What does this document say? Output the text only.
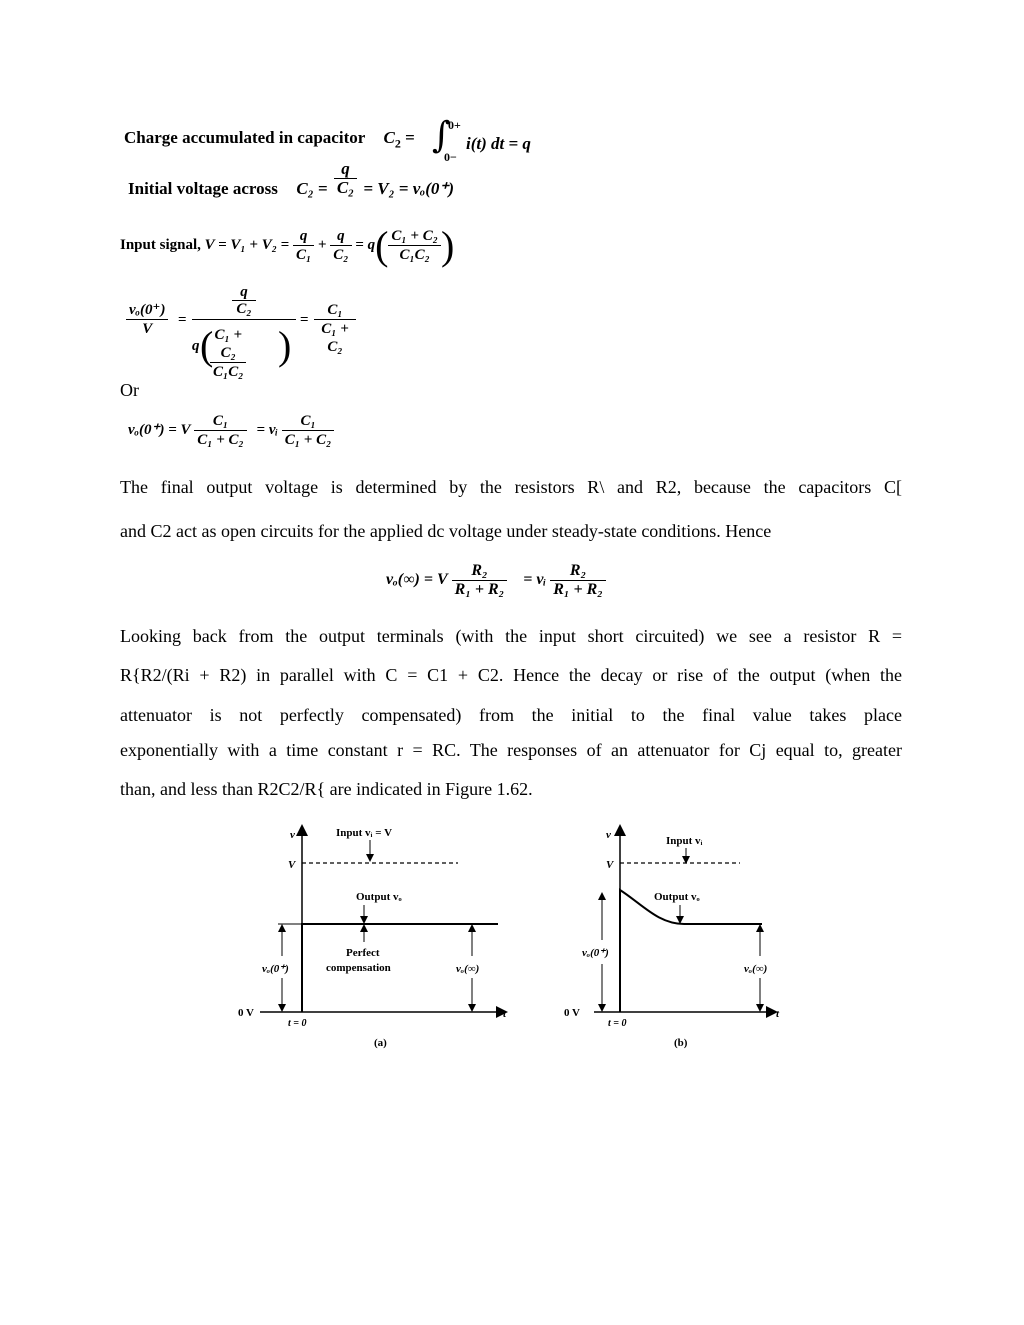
Charge accumulated in capacitor $C_2$ = ∫
0+
0−
i(t) dt = q
Initial voltage across $C_2 = \frac{q}{\text{C₂}} = V_2 = v_o(0^+)$
Input signal, $V = V_1 + V_2 = \frac{q}{\text{C₁}} + \frac{q}{\text{C₂}} = q( \frac{\text{C₁ + C₂}}{\text{C₁C₂}}$ )
$\frac{\text{vₒ(0⁺)}}{V}$ =
q
C₂
q (
$\frac{\text{C₁ + C₂}}{\text{C₁C₂}}$ )
= $\frac{\text{C₁}}{\text{C₁ + C₂}}$
Or
vₒ(0⁺) = V $\frac{\text{C₁}}{\text{C₁ + C₂}}$ = vᵢ $\frac{\text{C₁}}{\text{C₁ + C₂}}$
The final output voltage is determined by the resistors R\ and R2, because the capacitors C[
and C2 act as open circuits for the applied dc voltage under steady-state conditions. Hence
vₒ(∞) = V $\frac{\text{R₂}}{\text{R₁ + R₂}}$ = vᵢ $\frac{\text{R₂}}{\text{R₁ + R₂}}$
Looking back from the output terminals (with the input short circuited) we see a resistor R =
R{R2/(Ri + R2) in parallel with C = C1 + C2. Hence the decay or rise of the output (when the
attenuator is not perfectly compensated) from the initial to the final value takes place
exponentially with a time constant r = RC. The responses of an attenuator for Cj equal to, greater
than, and less than R2C2/R{ are indicated in Figure 1.62.
v
t
V
0 V
t = 0
Input vᵢ = V
Output vₒ
Perfect
compensation
vₒ(0⁺)	vₒ(∞)
(a)
v
t
V
0 V
t = 0
Input vᵢ
Output vₒ
vₒ(0⁺)
vₒ(∞)
(b)
